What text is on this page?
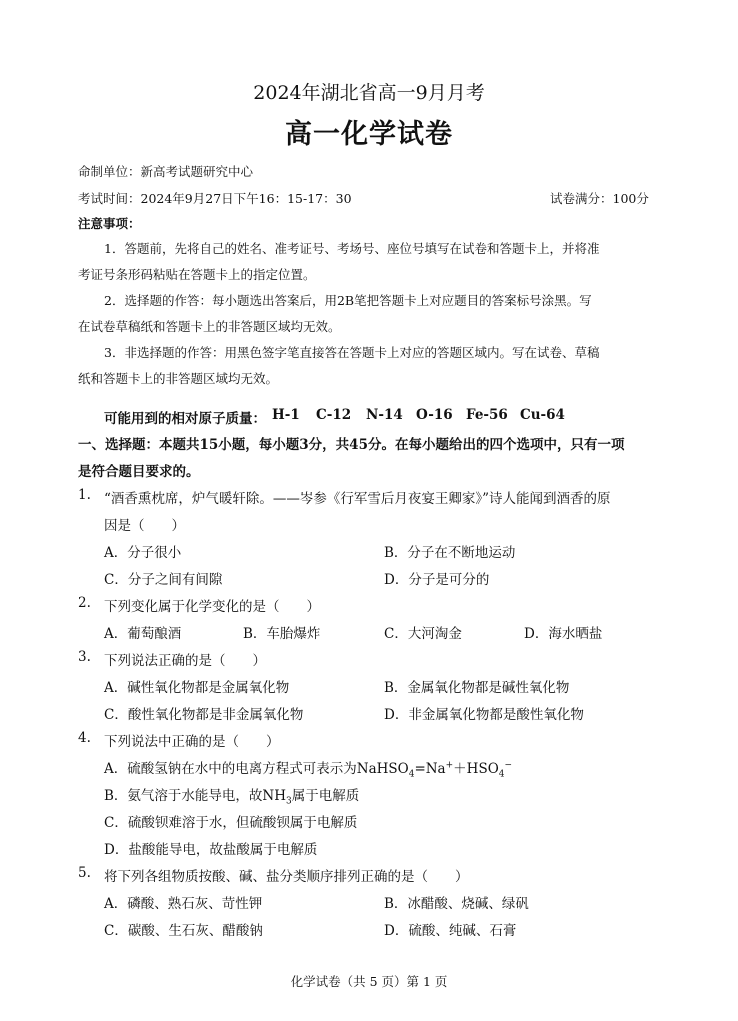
2024年湖北省高一9月月考
高一化学试卷
命制单位：新高考试题研究中心
考试时间：2024年9月27日下午16：15-17：30	试卷满分：100分
注意事项：
1．答题前，先将自己的姓名、准考证号、考场号、座位号填写在试卷和答题卡上，并将准
考证号条形码粘贴在答题卡上的指定位置。
2．选择题的作答：每小题选出答案后，用2B笔把答题卡上对应题目的答案标号涂黑。写
在试卷草稿纸和答题卡上的非答题区域均无效。
3．非选择题的作答：用黑色签字笔直接答在答题卡上对应的答题区域内。写在试卷、草稿
纸和答题卡上的非答题区域均无效。
可能用到的相对原子质量： H-1 C-12 N-14 O-16 Fe-56 Cu-64
一、选择题：本题共15小题，每小题3分，共45分。在每小题给出的四个选项中，只有一项
是符合题目要求的。
1. “酒香熏枕席，炉气暖轩除。——岑参《行军雪后月夜宴王卿家》”诗人能闻到酒香的原
因是（　　）
A．分子很小	B．分子在不断地运动
C．分子之间有间隙	D．分子是可分的
2. 下列变化属于化学变化的是（　　）
A．葡萄酿酒	B．车胎爆炸	C．大河淘金	D．海水晒盐
3. 下列说法正确的是（　　）
A．碱性氧化物都是金属氧化物	B．金属氧化物都是碱性氧化物
C．酸性氧化物都是非金属氧化物	D．非金属氧化物都是酸性氧化物
4. 下列说法中正确的是（　　）
A．硫酸氢钠在水中的电离方程式可表示为$NaHSO_4=Na^++HSO_4^-$
B．氨气溶于水能导电，故$NH_3$属于电解质
C．硫酸钡难溶于水，但硫酸钡属于电解质
D．盐酸能导电，故盐酸属于电解质
5. 将下列各组物质按酸、碱、盐分类顺序排列正确的是（　　）
A．磷酸、熟石灰、苛性钾	B．冰醋酸、烧碱、绿矾
C．碳酸、生石灰、醋酸钠	D．硫酸、纯碱、石膏
化学试卷（共 5 页）第 1 页
